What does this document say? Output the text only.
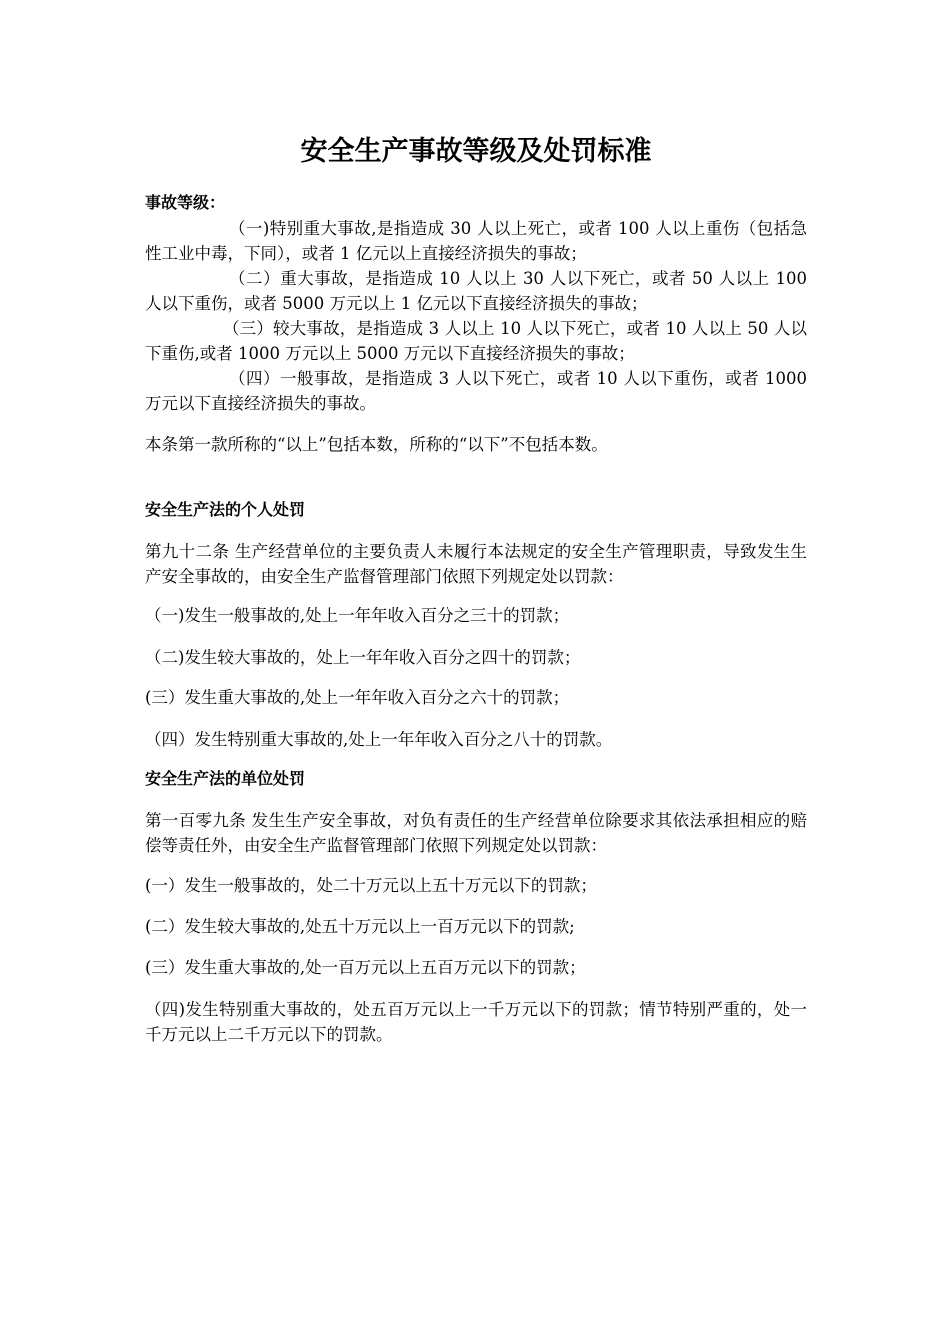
安全生产事故等级及处罚标准
事故等级：

（一)特别重大事故,是指造成 30 人以上死亡，或者 100 人以上重伤（包括急性工业中毒，下同），或者 1 亿元以上直接经济损失的事故；

（二）重大事故，是指造成 10 人以上 30 人以下死亡，或者 50 人以上 100 人以下重伤，或者 5000 万元以上 1 亿元以下直接经济损失的事故；

（三）较大事故，是指造成 3 人以上 10 人以下死亡，或者 10 人以上 50 人以下重伤,或者 1000 万元以上 5000 万元以下直接经济损失的事故；

（四）一般事故，是指造成 3 人以下死亡，或者 10 人以下重伤，或者 1000 万元以下直接经济损失的事故。

本条第一款所称的“以上”包括本数，所称的“以下”不包括本数。

安全生产法的个人处罚

第九十二条 生产经营单位的主要负责人未履行本法规定的安全生产管理职责，导致发生生产安全事故的，由安全生产监督管理部门依照下列规定处以罚款：

（一)发生一般事故的,处上一年年收入百分之三十的罚款；

（二)发生较大事故的，处上一年年收入百分之四十的罚款；

(三）发生重大事故的,处上一年年收入百分之六十的罚款；

（四）发生特别重大事故的,处上一年年收入百分之八十的罚款。

安全生产法的单位处罚

第一百零九条 发生生产安全事故，对负有责任的生产经营单位除要求其依法承担相应的赔偿等责任外，由安全生产监督管理部门依照下列规定处以罚款：

(一）发生一般事故的，处二十万元以上五十万元以下的罚款；

(二）发生较大事故的,处五十万元以上一百万元以下的罚款;

(三）发生重大事故的,处一百万元以上五百万元以下的罚款；

（四)发生特别重大事故的，处五百万元以上一千万元以下的罚款；情节特别严重的，处一千万元以上二千万元以下的罚款。
